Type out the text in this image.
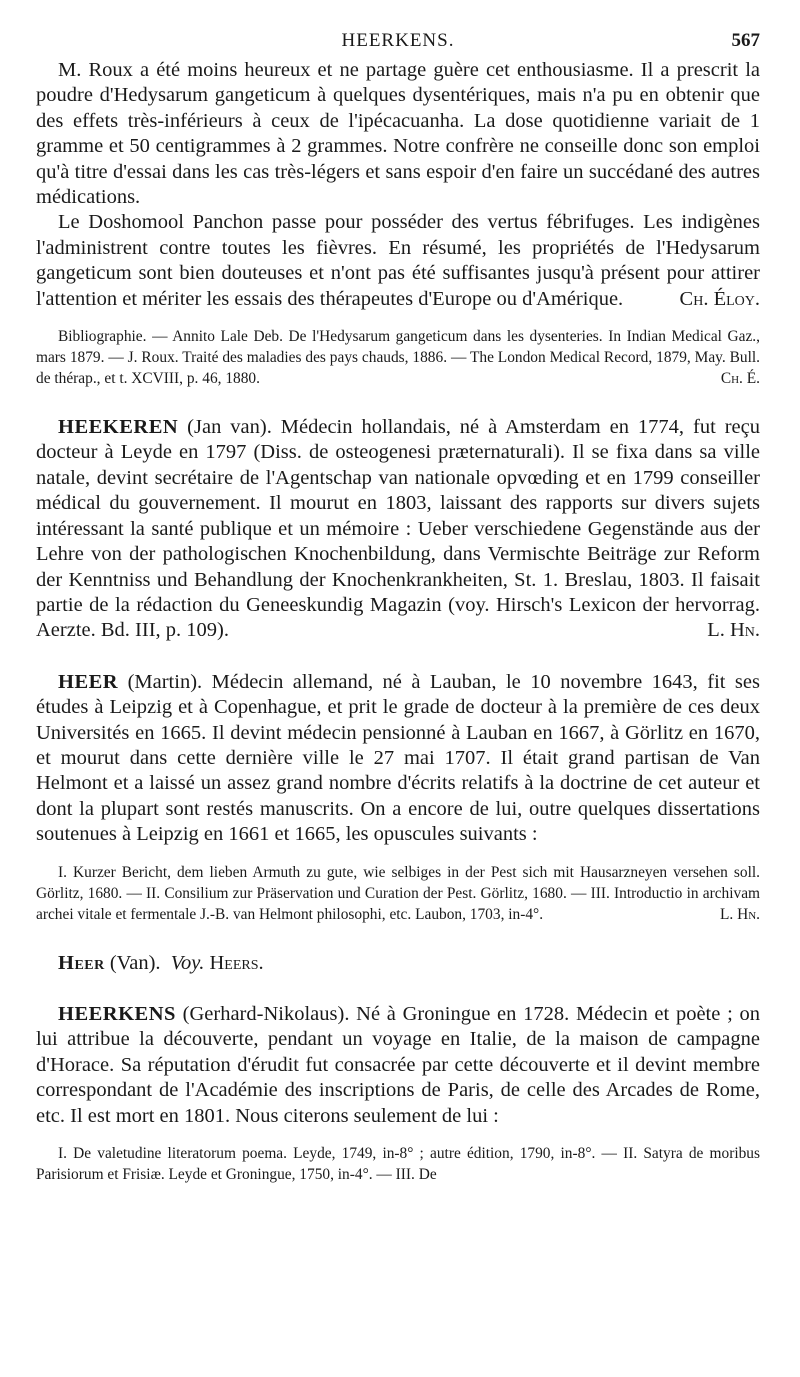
HEERKENS.	567

M. Roux a été moins heureux et ne partage guère cet enthousiasme. Il a prescrit la poudre d'Hedysarum gangeticum à quelques dysentériques, mais n'a pu en obtenir que des effets très-inférieurs à ceux de l'ipécacuanha. La dose quotidienne variait de 1 gramme et 50 centigrammes à 2 grammes. Notre confrère ne conseille donc son emploi qu'à titre d'essai dans les cas très-légers et sans espoir d'en faire un succédané des autres médications.

Le Doshomool Panchon passe pour posséder des vertus fébrifuges. Les indigènes l'administrent contre toutes les fièvres. En résumé, les propriétés de l'Hedysarum gangeticum sont bien douteuses et n'ont pas été suffisantes jusqu'à présent pour attirer l'attention et mériter les essais des thérapeutes d'Europe ou d'Amérique.	Ch. Éloy.

Bibliographie. — Annito Lale Deb. De l'Hedysarum gangeticum dans les dysenteries. In Indian Medical Gaz., mars 1879. — J. Roux. Traité des maladies des pays chauds, 1886. — The London Medical Record, 1879, May. Bull. de thérap., et t. XCVIII, p. 46, 1880.	Ch. É.

HEEKEREN (Jan van). Médecin hollandais, né à Amsterdam en 1774, fut reçu docteur à Leyde en 1797 (Diss. de osteogenesi præternaturali). Il se fixa dans sa ville natale, devint secrétaire de l'Agentschap van nationale opvœding et en 1799 conseiller médical du gouvernement. Il mourut en 1803, laissant des rapports sur divers sujets intéressant la santé publique et un mémoire : Ueber verschiedene Gegenstände aus der Lehre von der pathologischen Knochenbildung, dans Vermischte Beiträge zur Reform der Kenntniss und Behandlung der Knochenkrankheiten, St. 1. Breslau, 1803. Il faisait partie de la rédaction du Geneeskundig Magazin (voy. Hirsch's Lexicon der hervorrag. Aerzte. Bd. III, p. 109).	L. Hn.

HEER (Martin). Médecin allemand, né à Lauban, le 10 novembre 1643, fit ses études à Leipzig et à Copenhague, et prit le grade de docteur à la première de ces deux Universités en 1665. Il devint médecin pensionné à Lauban en 1667, à Görlitz en 1670, et mourut dans cette dernière ville le 27 mai 1707. Il était grand partisan de Van Helmont et a laissé un assez grand nombre d'écrits relatifs à la doctrine de cet auteur et dont la plupart sont restés manuscrits. On a encore de lui, outre quelques dissertations soutenues à Leipzig en 1661 et 1665, les opuscules suivants :

I. Kurzer Bericht, dem lieben Armuth zu gute, wie selbiges in der Pest sich mit Hausarzneyen versehen soll. Görlitz, 1680. — II. Consilium zur Präservation und Curation der Pest. Görlitz, 1680. — III. Introductio in archivam archei vitale et fermentale J.-B. van Helmont philosophi, etc. Laubon, 1703, in-4°.	L. Hn.

Heer (Van). Voy. Heers.

HEERKENS (Gerhard-Nikolaus). Né à Groningue en 1728. Médecin et poète ; on lui attribue la découverte, pendant un voyage en Italie, de la maison de campagne d'Horace. Sa réputation d'érudit fut consacrée par cette découverte et il devint membre correspondant de l'Académie des inscriptions de Paris, de celle des Arcades de Rome, etc. Il est mort en 1801. Nous citerons seulement de lui :

I. De valetudine literatorum poema. Leyde, 1749, in-8° ; autre édition, 1790, in-8°. — II. Satyra de moribus Parisiorum et Frisiæ. Leyde et Groningue, 1750, in-4°. — III. De
